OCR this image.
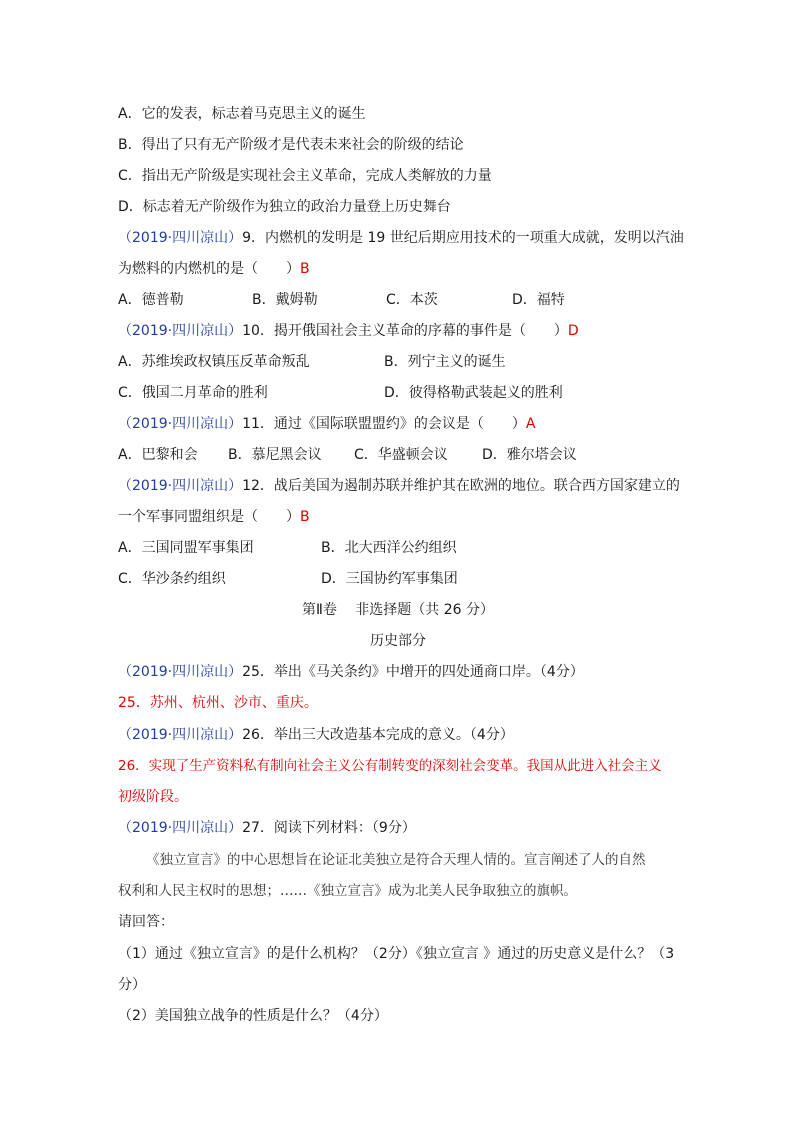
A．它的发表，标志着马克思主义的诞生
B．得出了只有无产阶级才是代表未来社会的阶级的结论
C．指出无产阶级是实现社会主义革命，完成人类解放的力量
D．标志着无产阶级作为独立的政治力量登上历史舞台
（2019·四川凉山）9．内燃机的发明是 19 世纪后期应用技术的一项重大成就，发明以汽油
为燃料的内燃机的是（　　）B
A．德普勒	B．戴姆勒	C．本茨	D．福特
（2019·四川凉山）10．揭开俄国社会主义革命的序幕的事件是（　　）D
A．苏维埃政权镇压反革命叛乱	B．列宁主义的诞生
C．俄国二月革命的胜利	D．彼得格勒武装起义的胜利
（2019·四川凉山）11．通过《国际联盟盟约》的会议是（　　）A
A．巴黎和会 B．慕尼黑会议 C．华盛顿会议 D．雅尔塔会议
（2019·四川凉山）12．战后美国为遏制苏联并维护其在欧洲的地位。联合西方国家建立的
一个军事同盟组织是（　　）B
A．三国同盟军事集团	B．北大西洋公约组织
C．华沙条约组织	D．三国协约军事集团
第Ⅱ卷　 非选择题（共 26 分）
历史部分
（2019·四川凉山）25．举出《马关条约》中增开的四处通商口岸。（4分）
25．苏州、杭州、沙市、重庆。
（2019·四川凉山）26．举出三大改造基本完成的意义。（4分）
26．实现了生产资料私有制向社会主义公有制转变的深刻社会变革。我国从此进入社会主义
初级阶段。
（2019·四川凉山）27．阅读下列材料：（9分）
《独立宣言》的中心思想旨在论证北美独立是符合天理人情的。宣言阐述了人的自然
权利和人民主权时的思想；……《独立宣言》成为北美人民争取独立的旗帜。
请回答：
（1）通过《独立宣言》的是什么机构？（2分）《独立宣言 》通过的历史意义是什么？（3
分）
（2）美国独立战争的性质是什么？（4分）
